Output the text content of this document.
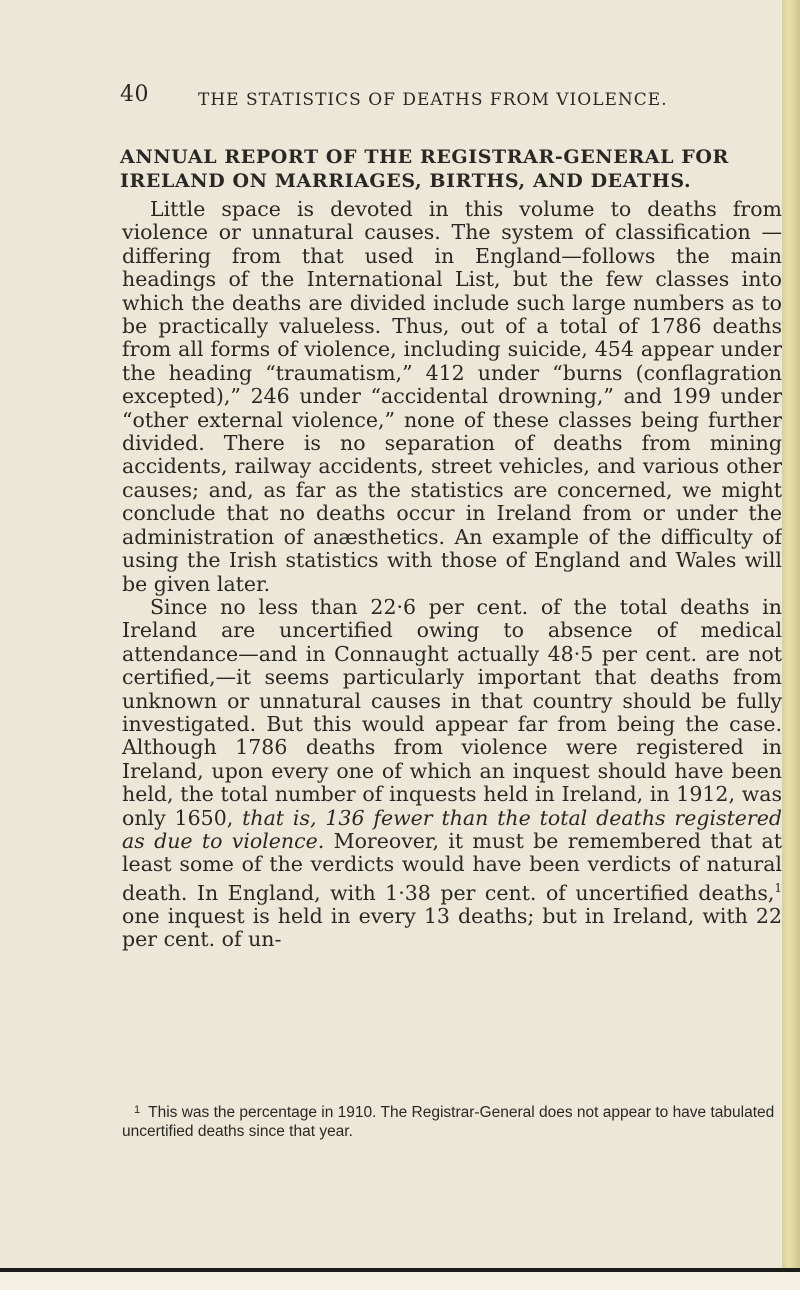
40	THE STATISTICS OF DEATHS FROM VIOLENCE.
ANNUAL REPORT OF THE REGISTRAR-GENERAL FOR IRELAND ON MARRIAGES, BIRTHS, AND DEATHS.

Little space is devoted in this volume to deaths from violence or unnatural causes. The system of classification —differing from that used in England—follows the main headings of the International List, but the few classes into which the deaths are divided include such large numbers as to be practically valueless. Thus, out of a total of 1786 deaths from all forms of violence, including suicide, 454 appear under the heading “traumatism,” 412 under “burns (conflagration excepted),” 246 under “accidental drowning,” and 199 under “other external violence,” none of these classes being further divided. There is no separation of deaths from mining accidents, railway accidents, street vehicles, and various other causes; and, as far as the statistics are concerned, we might conclude that no deaths occur in Ireland from or under the administration of anæsthetics. An example of the difficulty of using the Irish statistics with those of England and Wales will be given later.

Since no less than 22·6 per cent. of the total deaths in Ireland are uncertified owing to absence of medical attendance—and in Connaught actually 48·5 per cent. are not certified,—it seems particularly important that deaths from unknown or unnatural causes in that country should be fully investigated. But this would appear far from being the case. Although 1786 deaths from violence were registered in Ireland, upon every one of which an inquest should have been held, the total number of inquests held in Ireland, in 1912, was only 1650, that is, 136 fewer than the total deaths registered as due to violence. Moreover, it must be remembered that at least some of the verdicts would have been verdicts of natural death. In England, with 1·38 per cent. of uncertified deaths,$^1$ one inquest is held in every 13 deaths; but in Ireland, with 22 per cent. of un-

$^1$ This was the percentage in 1910. The Registrar-General does not appear to have tabulated uncertified deaths since that year.
